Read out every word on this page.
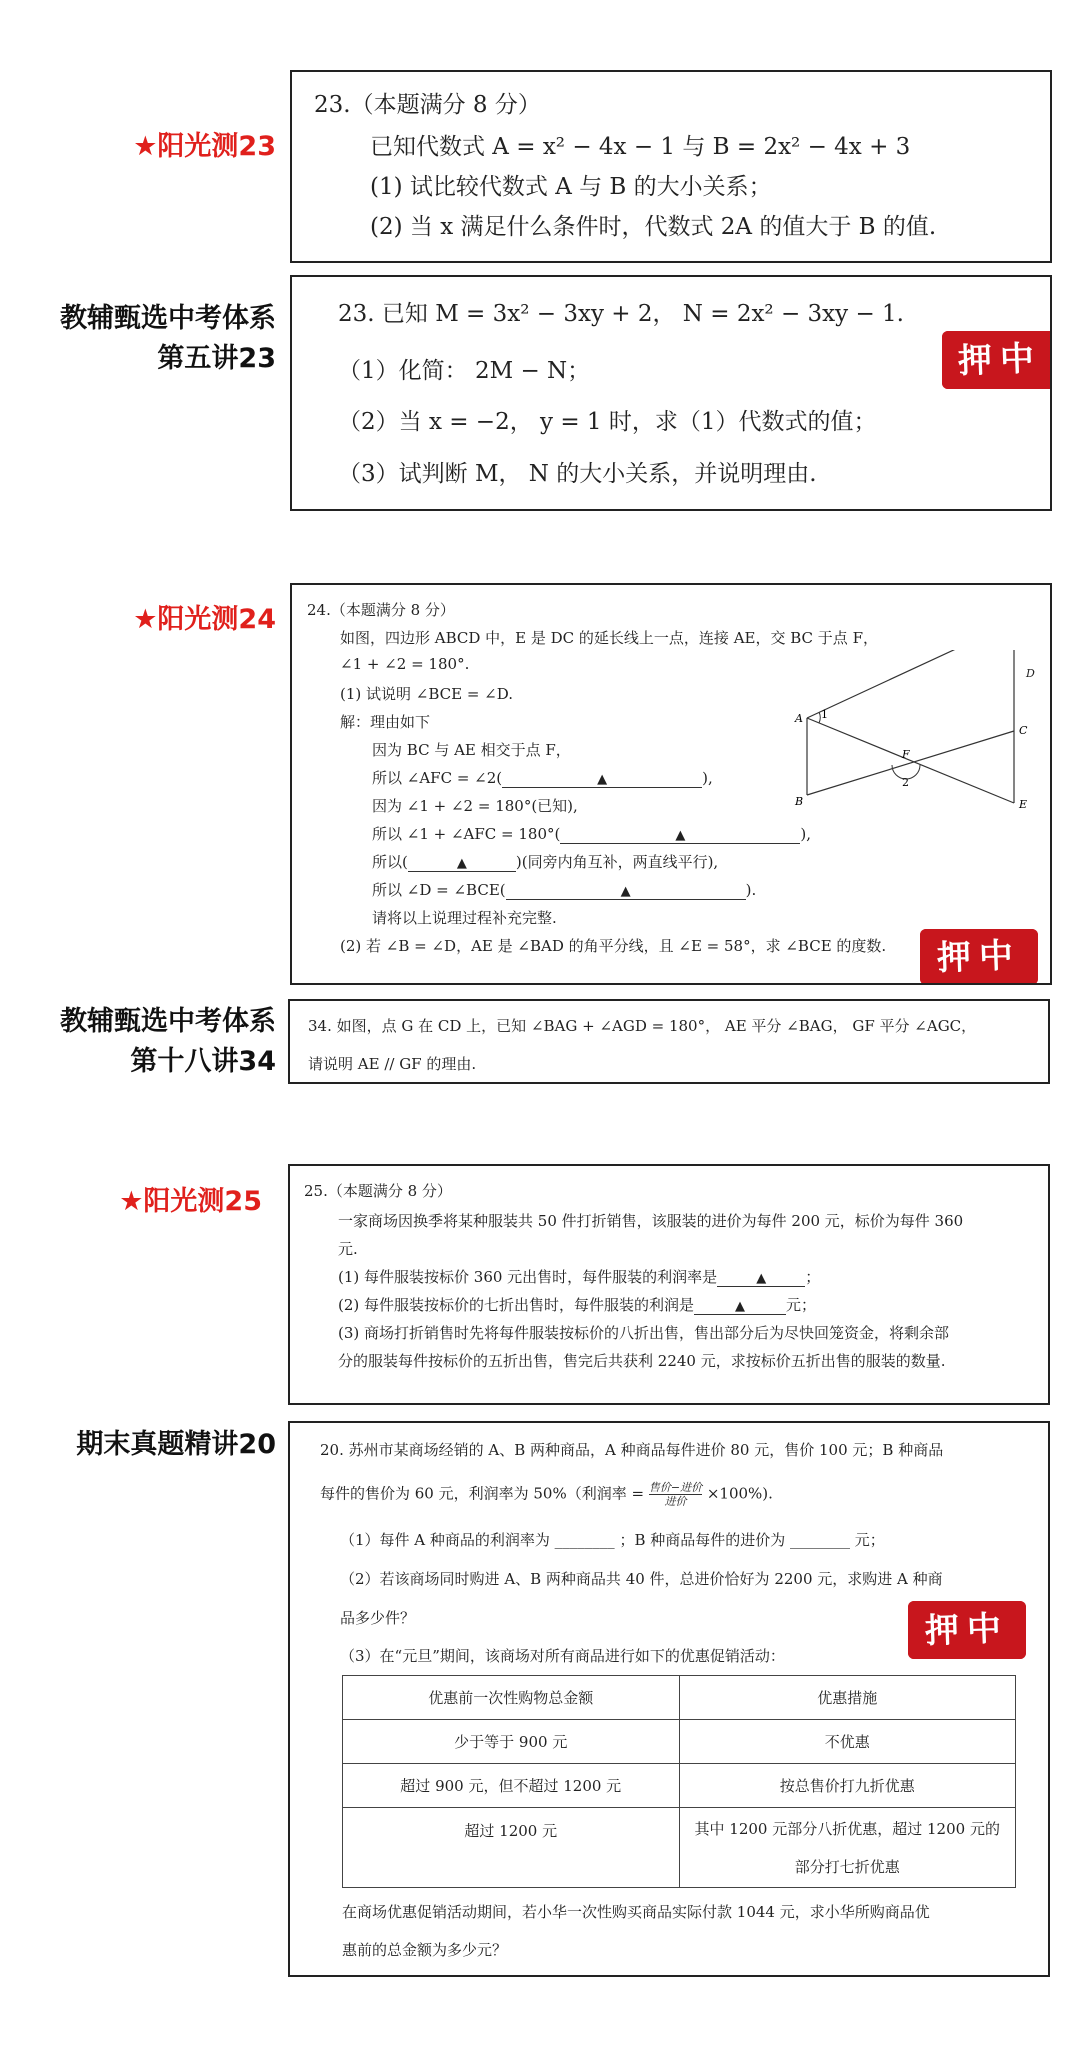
★阳光测23
教辅甄选中考体系
第五讲23
★阳光测24
教辅甄选中考体系
第十八讲34
★阳光测25
期末真题精讲20
23.（本题满分 8 分）
已知代数式 A = x² − 4x − 1 与 B = 2x² − 4x + 3
(1) 试比较代数式 A 与 B 的大小关系；
(2) 当 x 满足什么条件时，代数式 2A 的值大于 B 的值.
23. 已知 M = 3x² − 3xy + 2， N = 2x² − 3xy − 1.
（1）化简： 2M − N；
（2）当 x = −2， y = 1 时，求（1）代数式的值；
（3）试判断 M， N 的大小关系，并说明理由.
押中
24.（本题满分 8 分）
如图，四边形 ABCD 中，E 是 DC 的延长线上一点，连接 AE，交 BC 于点 F，
∠1 + ∠2 = 180°.
(1) 试说明 ∠BCE = ∠D.
解：理由如下
因为 BC 与 AE 相交于点 F，
所以 ∠AFC = ∠2(	▲	),
因为 ∠1 + ∠2 = 180°(已知),
所以 ∠1 + ∠AFC = 180°(	▲	),
所以(	▲	)(同旁内角互补，两直线平行),
所以 ∠D = ∠BCE(	▲	).
请将以上说理过程补充完整.
(2) 若 ∠B = ∠D，AE 是 ∠BAD 的角平分线，且 ∠E = 58°，求 ∠BCE 的度数.
A
B
C
E
F
1
2
D
押中
34. 如图，点 G 在 CD 上，已知 ∠BAG + ∠AGD = 180°， AE 平分 ∠BAG， GF 平分 ∠AGC，
请说明 AE // GF 的理由.
25.（本题满分 8 分）
一家商场因换季将某种服装共 50 件打折销售，该服装的进价为每件 200 元，标价为每件 360
元.
(1) 每件服装按标价 360 元出售时，每件服装的利润率是	▲	；
(2) 每件服装按标价的七折出售时，每件服装的利润是	▲	元；
(3) 商场打折销售时先将每件服装按标价的八折出售，售出部分后为尽快回笼资金，将剩余部
分的服装每件按标价的五折出售，售完后共获利 2240 元，求按标价五折出售的服装的数量.
20. 苏州市某商场经销的 A、B 两种商品，A 种商品每件进价 80 元，售价 100 元；B 种商品
每件的售价为 60 元，利润率为 50%（利润率 = 售价−进价
进价	×100%).
（1）每件 A 种商品的利润率为 ________ ；B 种商品每件的进价为 ________ 元；
（2）若该商场同时购进 A、B 两种商品共 40 件，总进价恰好为 2200 元，求购进 A 种商
品多少件？
（3）在“元旦”期间，该商场对所有商品进行如下的优惠促销活动：
押中
优惠前一次性购物总金额	优惠措施
少于等于 900 元	不优惠
超过 900 元，但不超过 1200 元	按总售价打九折优惠
超过 1200 元	其中 1200 元部分八折优惠，超过 1200 元的
部分打七折优惠
在商场优惠促销活动期间，若小华一次性购买商品实际付款 1044 元，求小华所购商品优
惠前的总金额为多少元？
